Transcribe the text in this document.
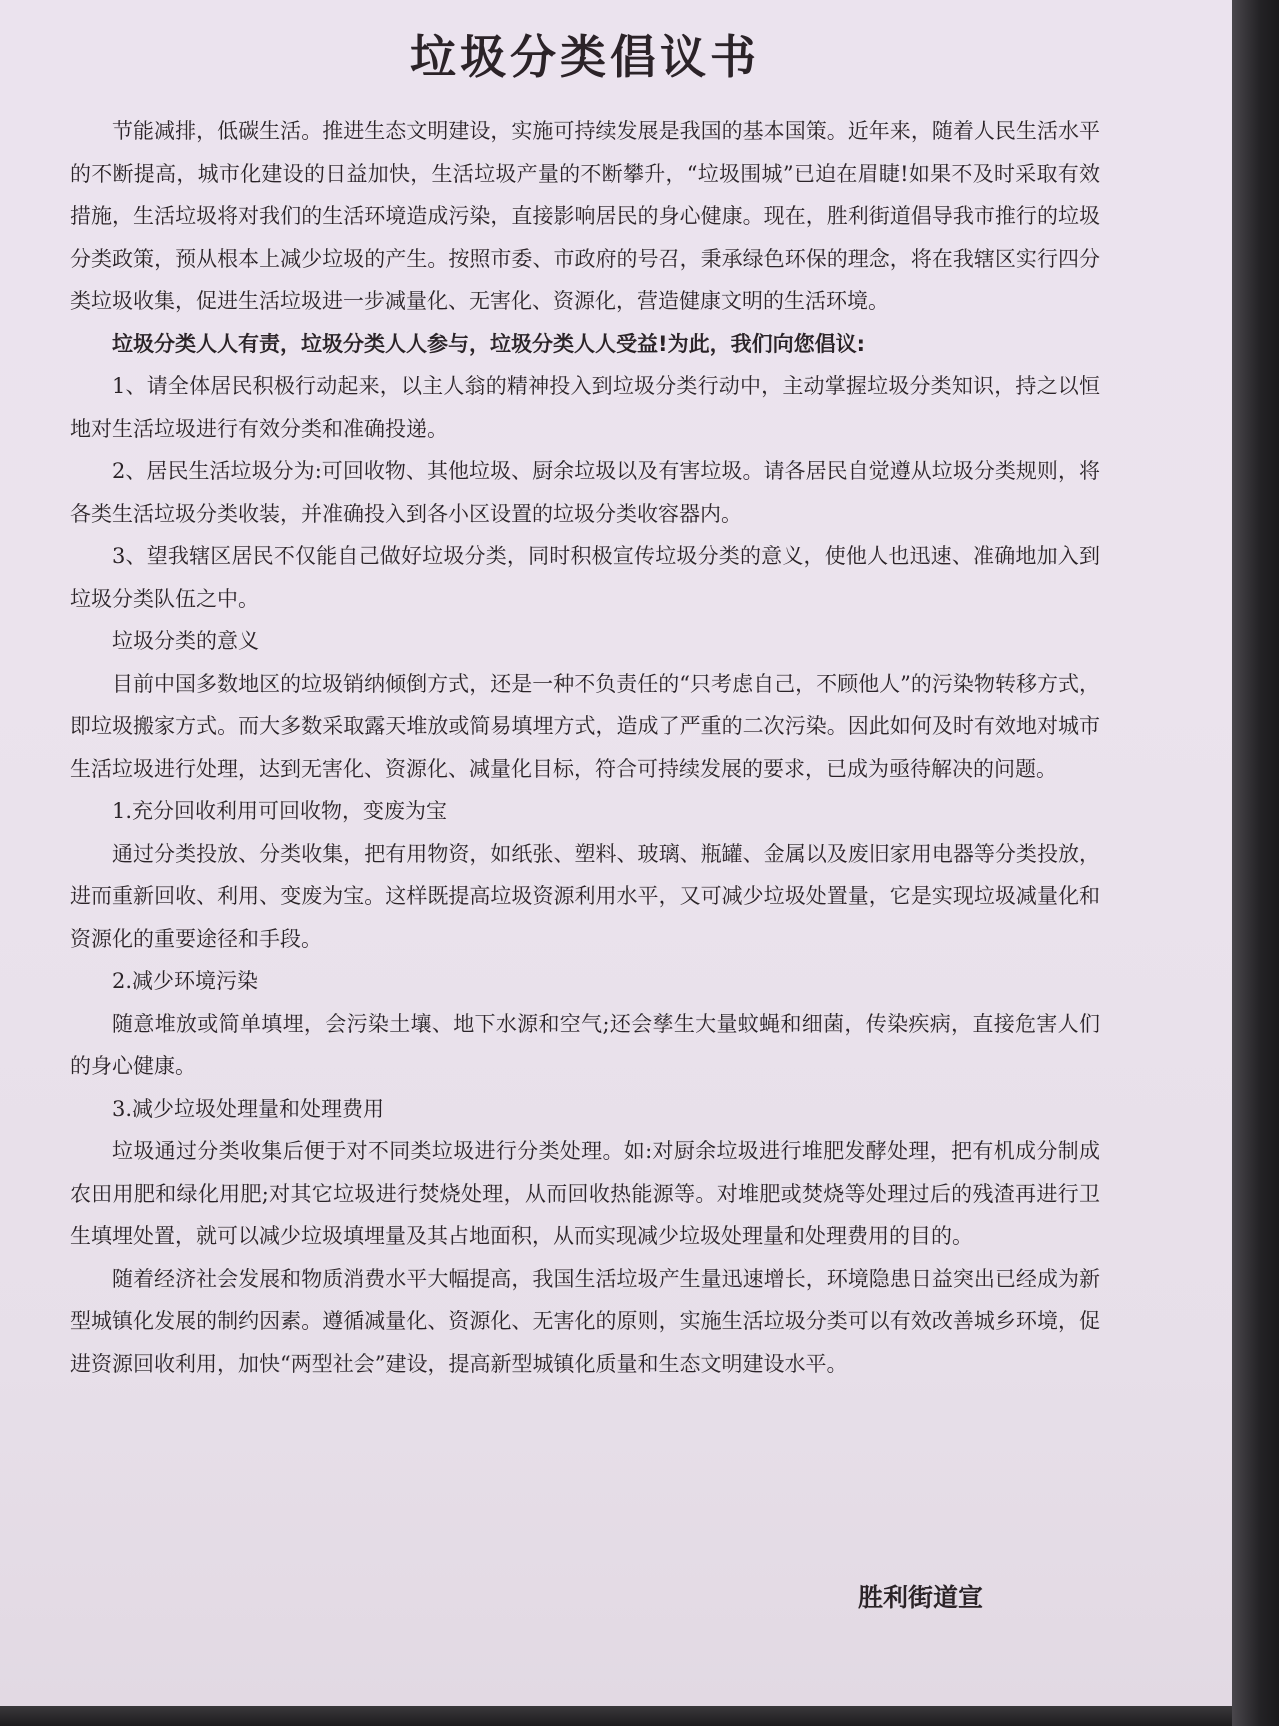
垃圾分类倡议书

节能减排，低碳生活。推进生态文明建设，实施可持续发展是我国的基本国策。近年来，随着人民生活水平的不断提高，城市化建设的日益加快，生活垃圾产量的不断攀升，“垃圾围城”已迫在眉睫!如果不及时采取有效措施，生活垃圾将对我们的生活环境造成污染，直接影响居民的身心健康。现在，胜利街道倡导我市推行的垃圾分类政策，预从根本上减少垃圾的产生。按照市委、市政府的号召，秉承绿色环保的理念，将在我辖区实行四分类垃圾收集，促进生活垃圾进一步减量化、无害化、资源化，营造健康文明的生活环境。

垃圾分类人人有责，垃圾分类人人参与，垃圾分类人人受益!为此，我们向您倡议:

1、请全体居民积极行动起来，以主人翁的精神投入到垃圾分类行动中，主动掌握垃圾分类知识，持之以恒地对生活垃圾进行有效分类和准确投递。

2、居民生活垃圾分为:可回收物、其他垃圾、厨余垃圾以及有害垃圾。请各居民自觉遵从垃圾分类规则，将各类生活垃圾分类收装，并准确投入到各小区设置的垃圾分类收容器内。

3、望我辖区居民不仅能自己做好垃圾分类，同时积极宣传垃圾分类的意义，使他人也迅速、准确地加入到垃圾分类队伍之中。

垃圾分类的意义

目前中国多数地区的垃圾销纳倾倒方式，还是一种不负责任的“只考虑自己，不顾他人”的污染物转移方式，即垃圾搬家方式。而大多数采取露天堆放或简易填埋方式，造成了严重的二次污染。因此如何及时有效地对城市生活垃圾进行处理，达到无害化、资源化、减量化目标，符合可持续发展的要求，已成为亟待解决的问题。

1.充分回收利用可回收物，变废为宝

通过分类投放、分类收集，把有用物资，如纸张、塑料、玻璃、瓶罐、金属以及废旧家用电器等分类投放，进而重新回收、利用、变废为宝。这样既提高垃圾资源利用水平，又可减少垃圾处置量，它是实现垃圾减量化和资源化的重要途径和手段。

2.减少环境污染

随意堆放或简单填埋，会污染土壤、地下水源和空气;还会孳生大量蚊蝇和细菌，传染疾病，直接危害人们的身心健康。

3.减少垃圾处理量和处理费用

垃圾通过分类收集后便于对不同类垃圾进行分类处理。如:对厨余垃圾进行堆肥发酵处理，把有机成分制成农田用肥和绿化用肥;对其它垃圾进行焚烧处理，从而回收热能源等。对堆肥或焚烧等处理过后的残渣再进行卫生填埋处置，就可以减少垃圾填埋量及其占地面积，从而实现减少垃圾处理量和处理费用的目的。

随着经济社会发展和物质消费水平大幅提高，我国生活垃圾产生量迅速增长，环境隐患日益突出已经成为新型城镇化发展的制约因素。遵循减量化、资源化、无害化的原则，实施生活垃圾分类可以有效改善城乡环境，促进资源回收利用，加快“两型社会”建设，提高新型城镇化质量和生态文明建设水平。

胜利街道宣
